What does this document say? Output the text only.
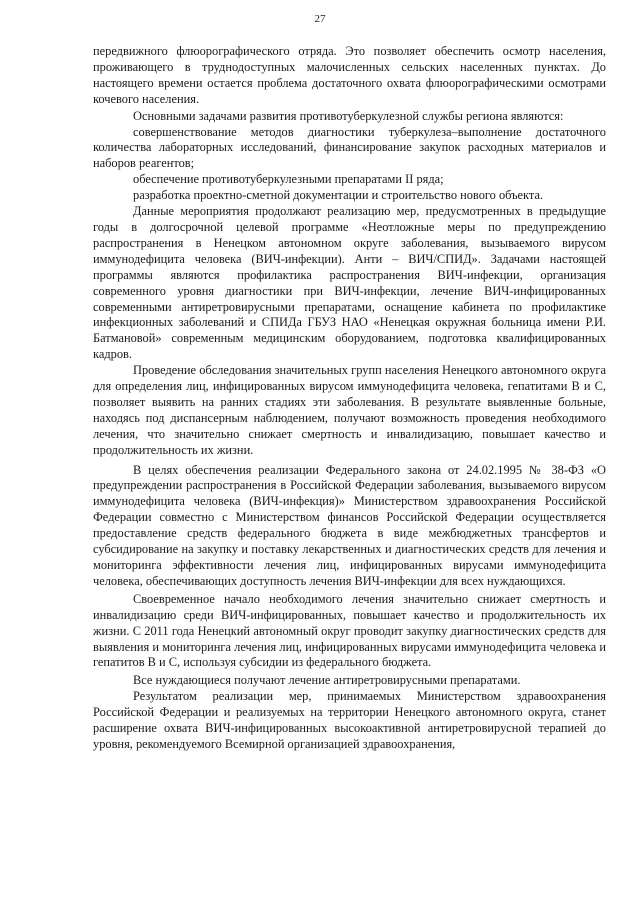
27

передвижного флюорографического отряда. Это позволяет обеспечить осмотр населения, проживающего в труднодоступных малочисленных сельских населенных пунктах. До настоящего времени остается проблема достаточного охвата флюорографическими осмотрами кочевого населения.

Основными задачами развития противотуберкулезной службы региона являются:

совершенствование методов диагностики туберкулеза–выполнение достаточного количества лабораторных исследований, финансирование закупок расходных материалов и наборов реагентов;

обеспечение противотуберкулезными препаратами II ряда;

разработка проектно-сметной документации и строительство нового объекта.

Данные мероприятия продолжают реализацию мер, предусмотренных в предыдущие годы в долгосрочной целевой программе «Неотложные меры по предупреждению распространения в Ненецком автономном округе заболевания, вызываемого вирусом иммунодефицита человека (ВИЧ-инфекции). Анти – ВИЧ/СПИД». Задачами настоящей программы являются профилактика распространения ВИЧ-инфекции, организация современного уровня диагностики при ВИЧ-инфекции, лечение ВИЧ-инфицированных современными антиретровирусными препаратами, оснащение кабинета по профилактике инфекционных заболеваний и СПИДа ГБУЗ НАО «Ненецкая окружная больница имени Р.И. Батмановой» современным медицинским оборудованием, подготовка квалифицированных кадров.

Проведение обследования значительных групп населения Ненецкого автономного округа для определения лиц, инфицированных вирусом иммунодефицита человека, гепатитами В и С, позволяет выявить на ранних стадиях эти заболевания. В результате выявленные больные, находясь под диспансерным наблюдением, получают возможность проведения необходимого лечения, что значительно снижает смертность и инвалидизацию, повышает качество и продолжительность их жизни.

В целях обеспечения реализации Федерального закона от 24.02.1995 № 38-ФЗ «О предупреждении распространения в Российской Федерации заболевания, вызываемого вирусом иммунодефицита человека (ВИЧ-инфекция)» Министерством здравоохранения Российской Федерации совместно с Министерством финансов Российской Федерации осуществляется предоставление средств федерального бюджета в виде межбюджетных трансфертов и субсидирование на закупку и поставку лекарственных и диагностических средств для лечения и мониторинга эффективности лечения лиц, инфицированных вирусами иммунодефицита человека, обеспечивающих доступность лечения ВИЧ-инфекции для всех нуждающихся.

Своевременное начало необходимого лечения значительно снижает смертность и инвалидизацию среди ВИЧ-инфицированных, повышает качество и продолжительность их жизни. С 2011 года Ненецкий автономный округ проводит закупку диагностических средств для выявления и мониторинга лечения лиц, инфицированных вирусами иммунодефицита человека и гепатитов В и С, используя субсидии из федерального бюджета.

Все нуждающиеся получают лечение антиретровирусными препаратами.

Результатом реализации мер, принимаемых Министерством здравоохранения Российской Федерации и реализуемых на территории Ненецкого автономного округа, станет расширение охвата ВИЧ-инфицированных высокоактивной антиретровирусной терапией до уровня, рекомендуемого Всемирной организацией здравоохранения,
